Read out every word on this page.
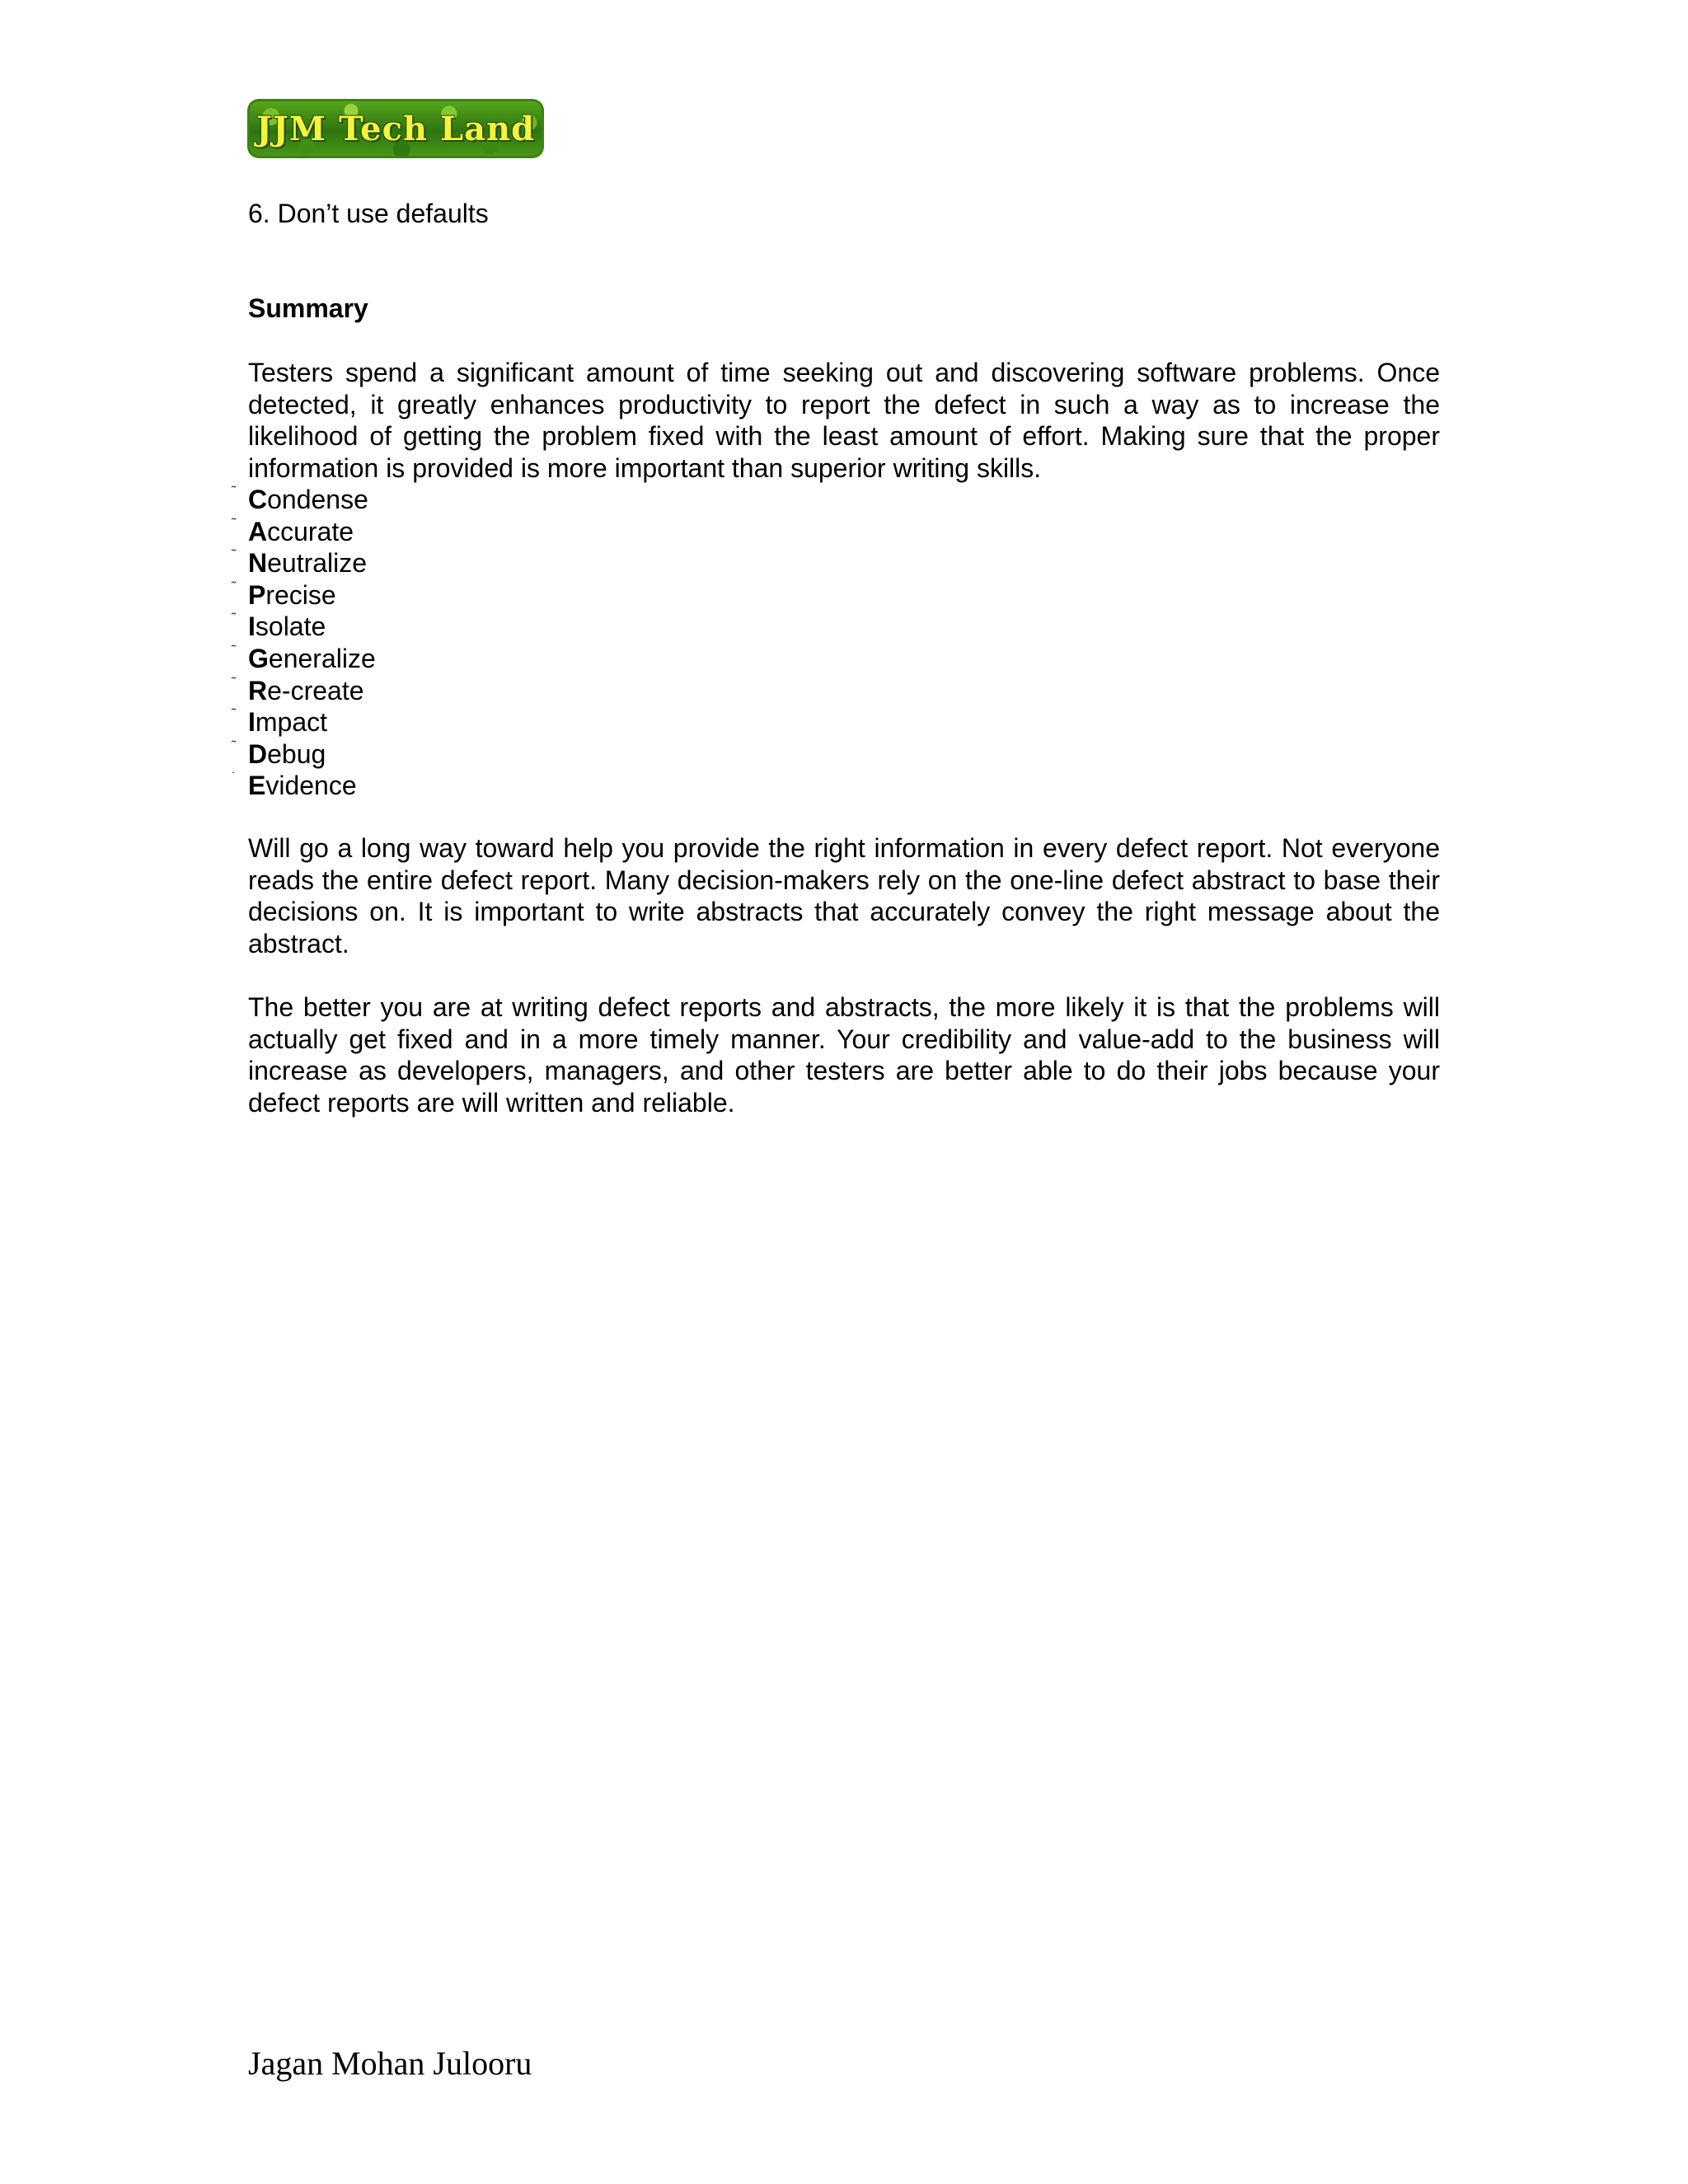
JJM Tech Land
6. Don’t use defaults
Summary
Testers spend a significant amount of time seeking out and discovering software problems. Once detected, it greatly enhances productivity to report the defect in such a way as to increase the likelihood of getting the problem fixed with the least amount of effort. Making sure that the proper information is provided is more important than superior writing skills.
˜ Condense
˜ Accurate
˜ Neutralize
˜ Precise
˜ Isolate
˜ Generalize
˜ Re-create
˜ Impact
˜ Debug
˙ Evidence
Will go a long way toward help you provide the right information in every defect report. Not everyone reads the entire defect report. Many decision-makers rely on the one-line defect abstract to base their decisions on. It is important to write abstracts that accurately convey the right message about the abstract.
The better you are at writing defect reports and abstracts, the more likely it is that the problems will actually get fixed and in a more timely manner. Your credibility and value-add to the business will increase as developers, managers, and other testers are better able to do their jobs because your defect reports are will written and reliable.
Jagan Mohan Julooru
